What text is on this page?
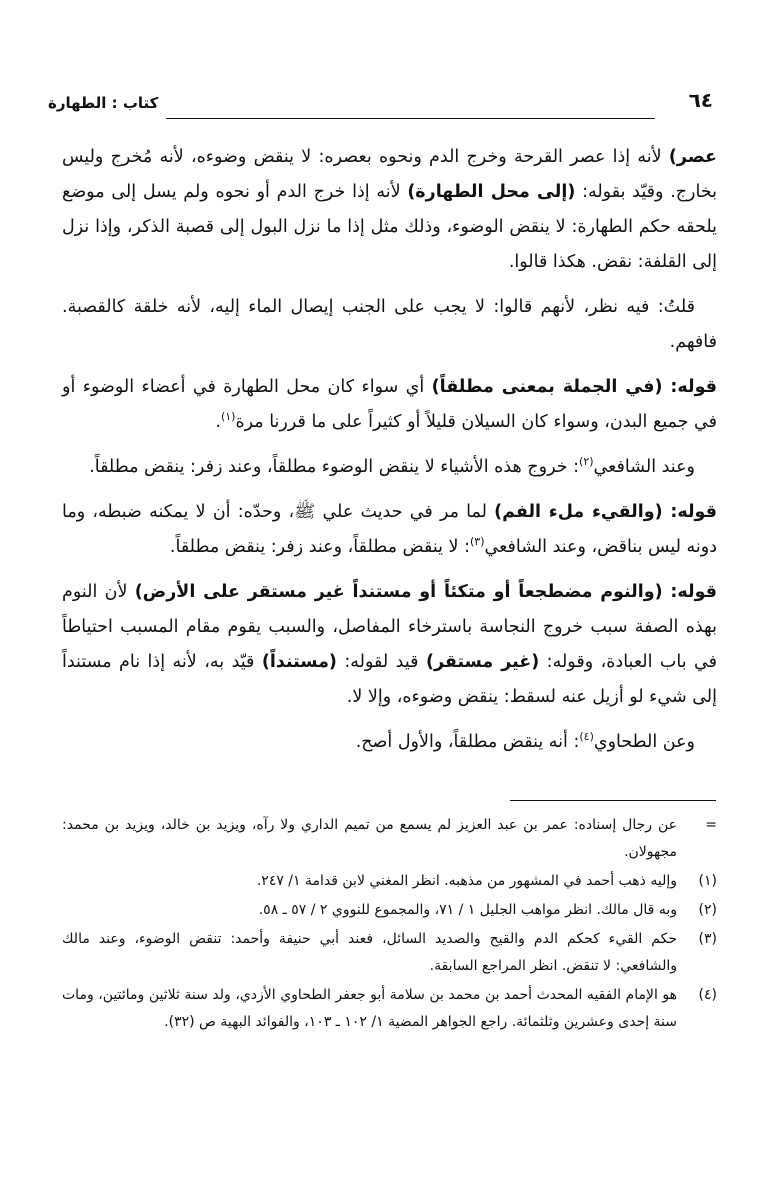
٦٤
كتاب : الطهارة

عصر) لأنه إذا عصر القرحة وخرج الدم ونحوه بعصره: لا ينقض وضوءه، لأنه مُخرج وليس بخارج. وقيّد بقوله: (إلى محل الطهارة) لأنه إذا خرج الدم أو نحوه ولم يسل إلى موضع يلحقه حكم الطهارة: لا ينقض الوضوء، وذلك مثل إذا ما نزل البول إلى قصبة الذكر، وإذا نزل إلى القلفة: نقض. هكذا قالوا.

قلتُ: فيه نظر، لأنهم قالوا: لا يجب على الجنب إيصال الماء إليه، لأنه خلقة كالقصبة. فافهم.

قوله: (في الجملة بمعنى مطلقاً) أي سواء كان محل الطهارة في أعضاء الوضوء أو في جميع البدن، وسواء كان السيلان قليلاً أو كثيراً على ما قررنا مرة$^{(١)}$.

وعند الشافعي$^{(٢)}$: خروج هذه الأشياء لا ينقض الوضوء مطلقاً، وعند زفر: ينقض مطلقاً.

قوله: (والقيء ملء الفم) لما مر في حديث علي ﷺ، وحدّه: أن لا يمكنه ضبطه، وما دونه ليس بناقض، وعند الشافعي$^{(٣)}$: لا ينقض مطلقاً، وعند زفر: ينقض مطلقاً.

قوله: (والنوم مضطجعاً أو متكئاً أو مستنداً غير مستقر على الأرض) لأن النوم بهذه الصفة سبب خروج النجاسة باسترخاء المفاصل، والسبب يقوم مقام المسبب احتياطاً في باب العبادة، وقوله: (غير مستقر) قيد لقوله: (مستنداً) قيّد به، لأنه إذا نام مستنداً إلى شيء لو أزيل عنه لسقط: ينقض وضوءه، وإلا لا.

وعن الطحاوي$^{(٤)}$: أنه ينقض مطلقاً، والأول أصح.

=
عن رجال إسناده: عمر بن عبد العزيز لم يسمع من تميم الداري ولا رآه، ويزيد بن خالد، ويزيد بن محمد: مجهولان.
(١)
وإليه ذهب أحمد في المشهور من مذهبه. انظر المغني لابن قدامة ١/ ٢٤٧.
(٢)
وبه قال مالك. انظر مواهب الجليل ١ / ٧١، والمجموع للنووي ٢ / ٥٧ ـ ٥٨.
(٣)
حكم القيء كحكم الدم والقيح والصديد السائل، فعند أبي حنيفة وأحمد: تنقض الوضوء، وعند مالك والشافعي: لا تنقض. انظر المراجع السابقة.
(٤)
هو الإمام الفقيه المحدث أحمد بن محمد بن سلامة أبو جعفر الطحاوي الأزدي، ولد سنة ثلاثين ومائتين، ومات سنة إحدى وعشرين وثلثمائة. راجع الجواهر المضية ١/ ١٠٢ ـ ١٠٣، والفوائد البهية ص (٣٢).
